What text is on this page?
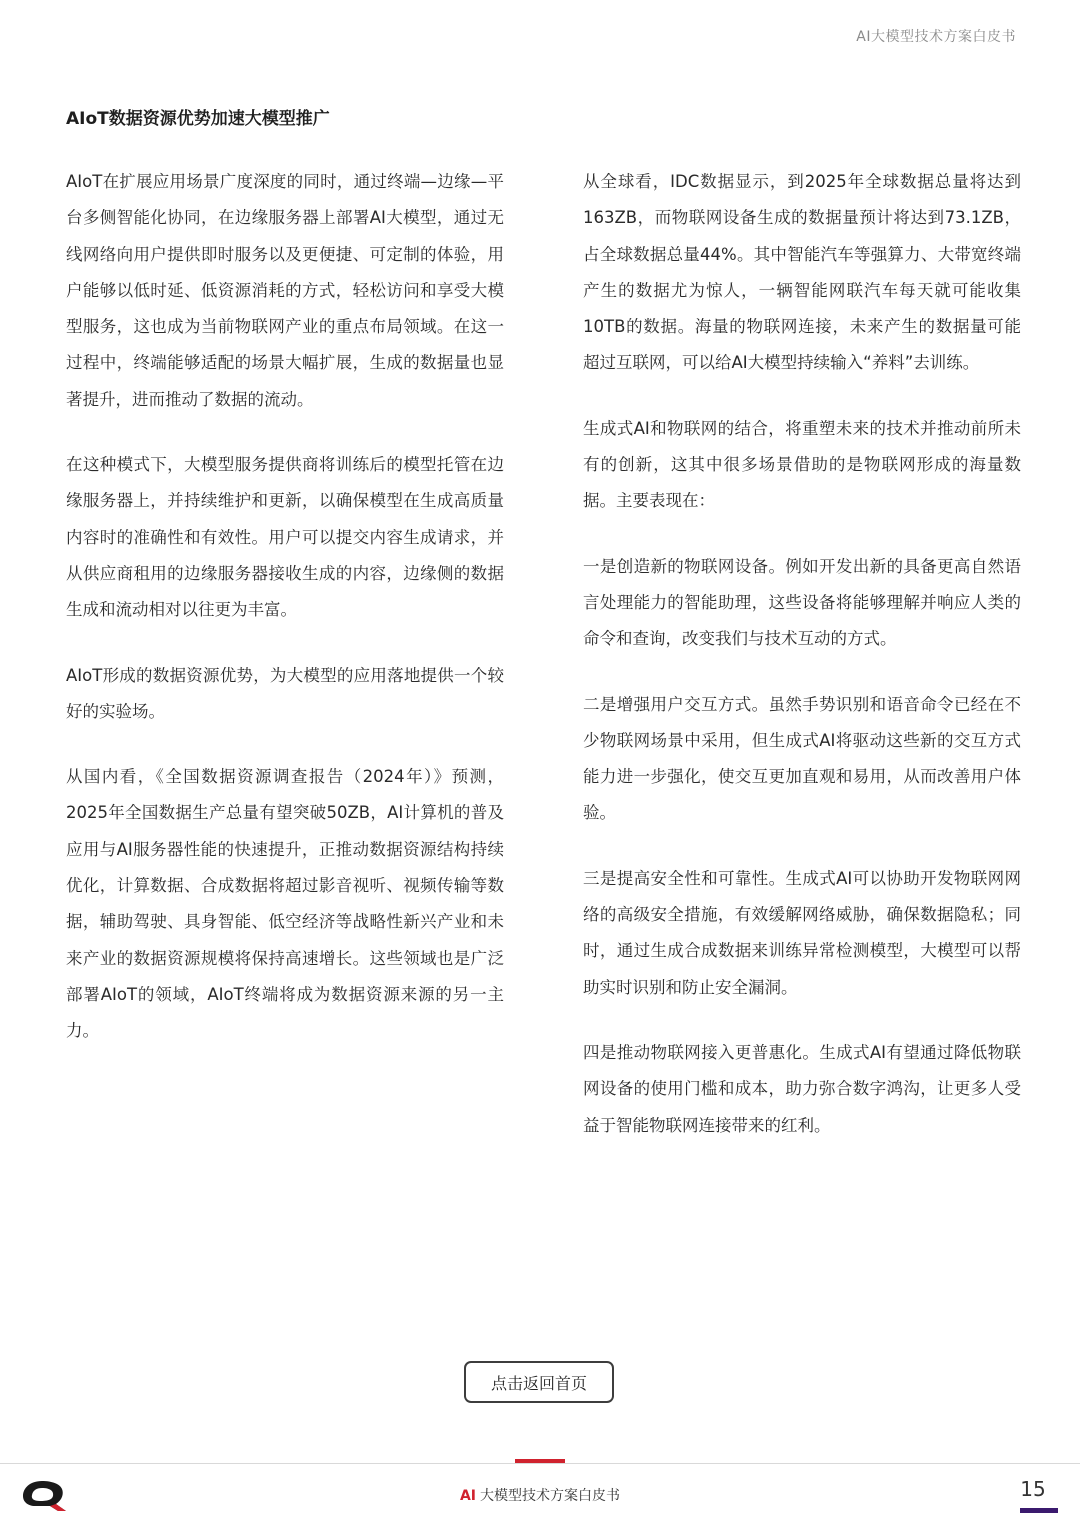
AI大模型技术方案白皮书
AIoT数据资源优势加速大模型推广

AIoT在扩展应用场景广度深度的同时，通过终端—边缘—平台多侧智能化协同，在边缘服务器上部署AI大模型，通过无线网络向用户提供即时服务以及更便捷、可定制的体验，用户能够以低时延、低资源消耗的方式，轻松访问和享受大模型服务，这也成为当前物联网产业的重点布局领域。在这一过程中，终端能够适配的场景大幅扩展，生成的数据量也显著提升，进而推动了数据的流动。

在这种模式下，大模型服务提供商将训练后的模型托管在边缘服务器上，并持续维护和更新，以确保模型在生成高质量内容时的准确性和有效性。用户可以提交内容生成请求，并从供应商租用的边缘服务器接收生成的内容，边缘侧的数据生成和流动相对以往更为丰富。

AIoT形成的数据资源优势，为大模型的应用落地提供一个较好的实验场。

从国内看，《全国数据资源调查报告（2024年）》预测，2025年全国数据生产总量有望突破50ZB，AI计算机的普及应用与AI服务器性能的快速提升，正推动数据资源结构持续优化，计算数据、合成数据将超过影音视听、视频传输等数据，辅助驾驶、具身智能、低空经济等战略性新兴产业和未来产业的数据资源规模将保持高速增长。这些领域也是广泛部署AIoT的领域，AIoT终端将成为数据资源来源的另一主力。

从全球看，IDC数据显示，到2025年全球数据总量将达到163ZB，而物联网设备生成的数据量预计将达到73.1ZB，占全球数据总量44%。其中智能汽车等强算力、大带宽终端产生的数据尤为惊人，一辆智能网联汽车每天就可能收集10TB的数据。海量的物联网连接，未来产生的数据量可能超过互联网，可以给AI大模型持续输入“养料”去训练。

生成式AI和物联网的结合，将重塑未来的技术并推动前所未有的创新，这其中很多场景借助的是物联网形成的海量数据。主要表现在：

一是创造新的物联网设备。例如开发出新的具备更高自然语言处理能力的智能助理，这些设备将能够理解并响应人类的命令和查询，改变我们与技术互动的方式。

二是增强用户交互方式。虽然手势识别和语音命令已经在不少物联网场景中采用，但生成式AI将驱动这些新的交互方式能力进一步强化，使交互更加直观和易用，从而改善用户体验。

三是提高安全性和可靠性。生成式AI可以协助开发物联网网络的高级安全措施，有效缓解网络威胁，确保数据隐私；同时，通过生成合成数据来训练异常检测模型，大模型可以帮助实时识别和防止安全漏洞。

四是推动物联网接入更普惠化。生成式AI有望通过降低物联网设备的使用门槛和成本，助力弥合数字鸿沟，让更多人受益于智能物联网连接带来的红利。

点击返回首页
AI 大模型技术方案白皮书	15
